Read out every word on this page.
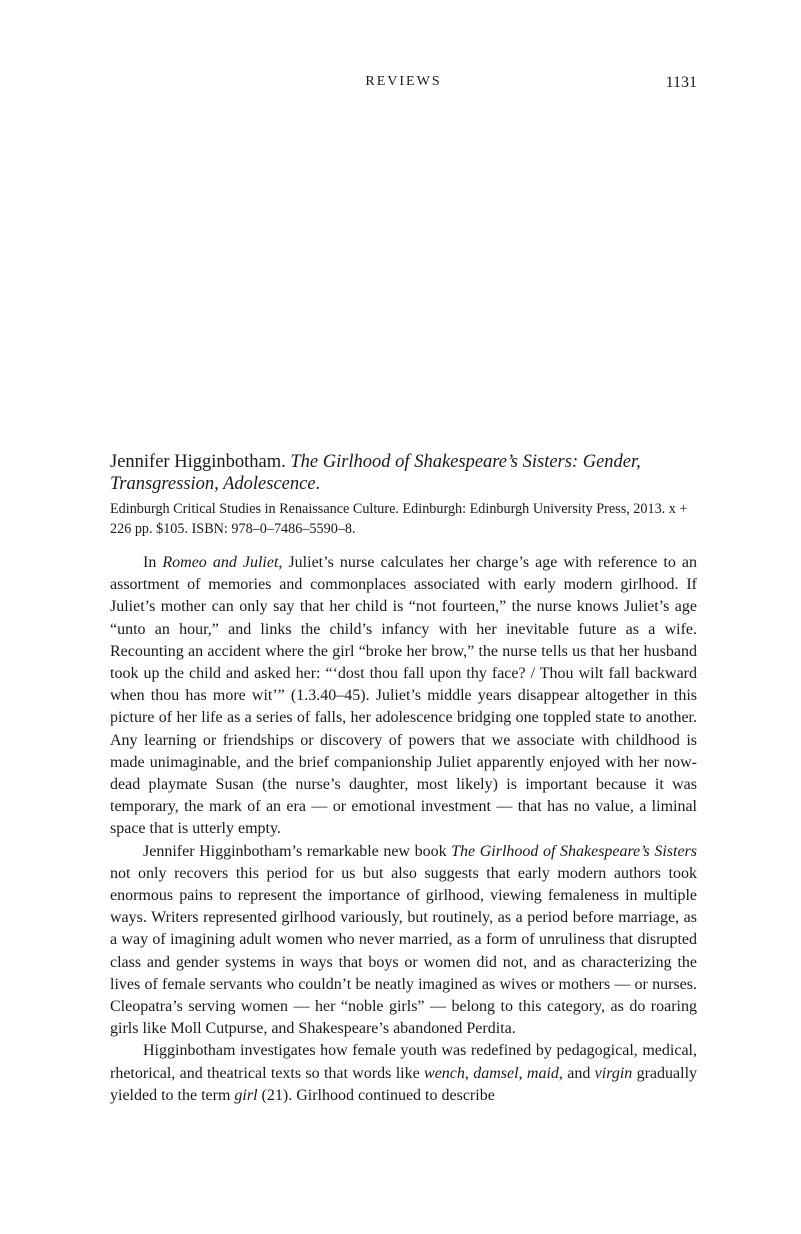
REVIEWS	1131

Jennifer Higginbotham. The Girlhood of Shakespeare’s Sisters: Gender, Transgression, Adolescence.

Edinburgh Critical Studies in Renaissance Culture. Edinburgh: Edinburgh University Press, 2013. x + 226 pp. $105. ISBN: 978–0–7486–5590–8.

In Romeo and Juliet, Juliet’s nurse calculates her charge’s age with reference to an assortment of memories and commonplaces associated with early modern girlhood. If Juliet’s mother can only say that her child is “not fourteen,” the nurse knows Juliet’s age “unto an hour,” and links the child’s infancy with her inevitable future as a wife. Recounting an accident where the girl “broke her brow,” the nurse tells us that her husband took up the child and asked her: “‘dost thou fall upon thy face? / Thou wilt fall backward when thou has more wit’” (1.3.40–45). Juliet’s middle years disappear altogether in this picture of her life as a series of falls, her adolescence bridging one toppled state to another. Any learning or friendships or discovery of powers that we associate with childhood is made unimaginable, and the brief companionship Juliet apparently enjoyed with her now-dead playmate Susan (the nurse’s daughter, most likely) is important because it was temporary, the mark of an era — or emotional investment — that has no value, a liminal space that is utterly empty.

Jennifer Higginbotham’s remarkable new book The Girlhood of Shakespeare’s Sisters not only recovers this period for us but also suggests that early modern authors took enormous pains to represent the importance of girlhood, viewing femaleness in multiple ways. Writers represented girlhood variously, but routinely, as a period before marriage, as a way of imagining adult women who never married, as a form of unruliness that disrupted class and gender systems in ways that boys or women did not, and as characterizing the lives of female servants who couldn’t be neatly imagined as wives or mothers — or nurses. Cleopatra’s serving women — her “noble girls” — belong to this category, as do roaring girls like Moll Cutpurse, and Shakespeare’s abandoned Perdita.

Higginbotham investigates how female youth was redefined by pedagogical, medical, rhetorical, and theatrical texts so that words like wench, damsel, maid, and virgin gradually yielded to the term girl (21). Girlhood continued to describe
